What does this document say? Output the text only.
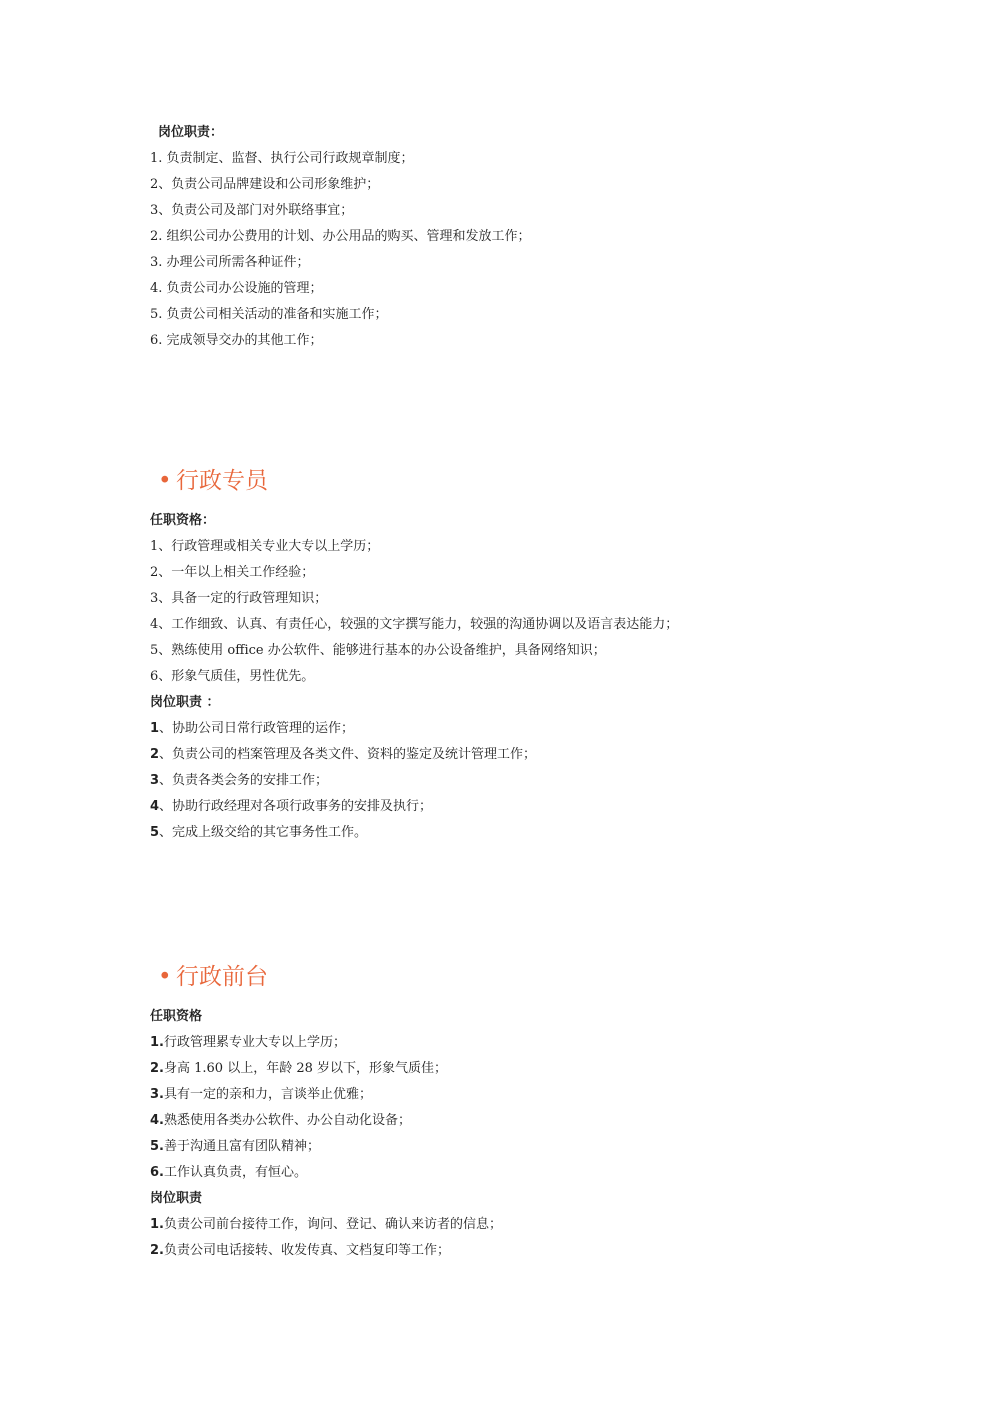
岗位职责：
1. 负责制定、监督、执行公司行政规章制度；
2、负责公司品牌建设和公司形象维护；
3、负责公司及部门对外联络事宜；
2. 组织公司办公费用的计划、办公用品的购买、管理和发放工作；
3. 办理公司所需各种证件；
4. 负责公司办公设施的管理；
5. 负责公司相关活动的准备和实施工作；
6. 完成领导交办的其他工作；
• 行政专员
任职资格：
1、行政管理或相关专业大专以上学历；
2、一年以上相关工作经验；
3、具备一定的行政管理知识；
4、工作细致、认真、有责任心，较强的文字撰写能力，较强的沟通协调以及语言表达能力；
5、熟练使用 office 办公软件、能够进行基本的办公设备维护，具备网络知识；
6、形象气质佳，男性优先。
岗位职责 ：
1、协助公司日常行政管理的运作；
2、负责公司的档案管理及各类文件、资料的鉴定及统计管理工作；
3、负责各类会务的安排工作；
4、协助行政经理对各项行政事务的安排及执行；
5、完成上级交给的其它事务性工作。
• 行政前台
任职资格
1.行政管理累专业大专以上学历；
2.身高 1.60 以上，年龄 28 岁以下，形象气质佳；
3.具有一定的亲和力，言谈举止优雅；
4.熟悉使用各类办公软件、办公自动化设备；
5.善于沟通且富有团队精神；
6.工作认真负责，有恒心。
岗位职责
1.负责公司前台接待工作，询问、登记、确认来访者的信息；
2.负责公司电话接转、收发传真、文档复印等工作；
